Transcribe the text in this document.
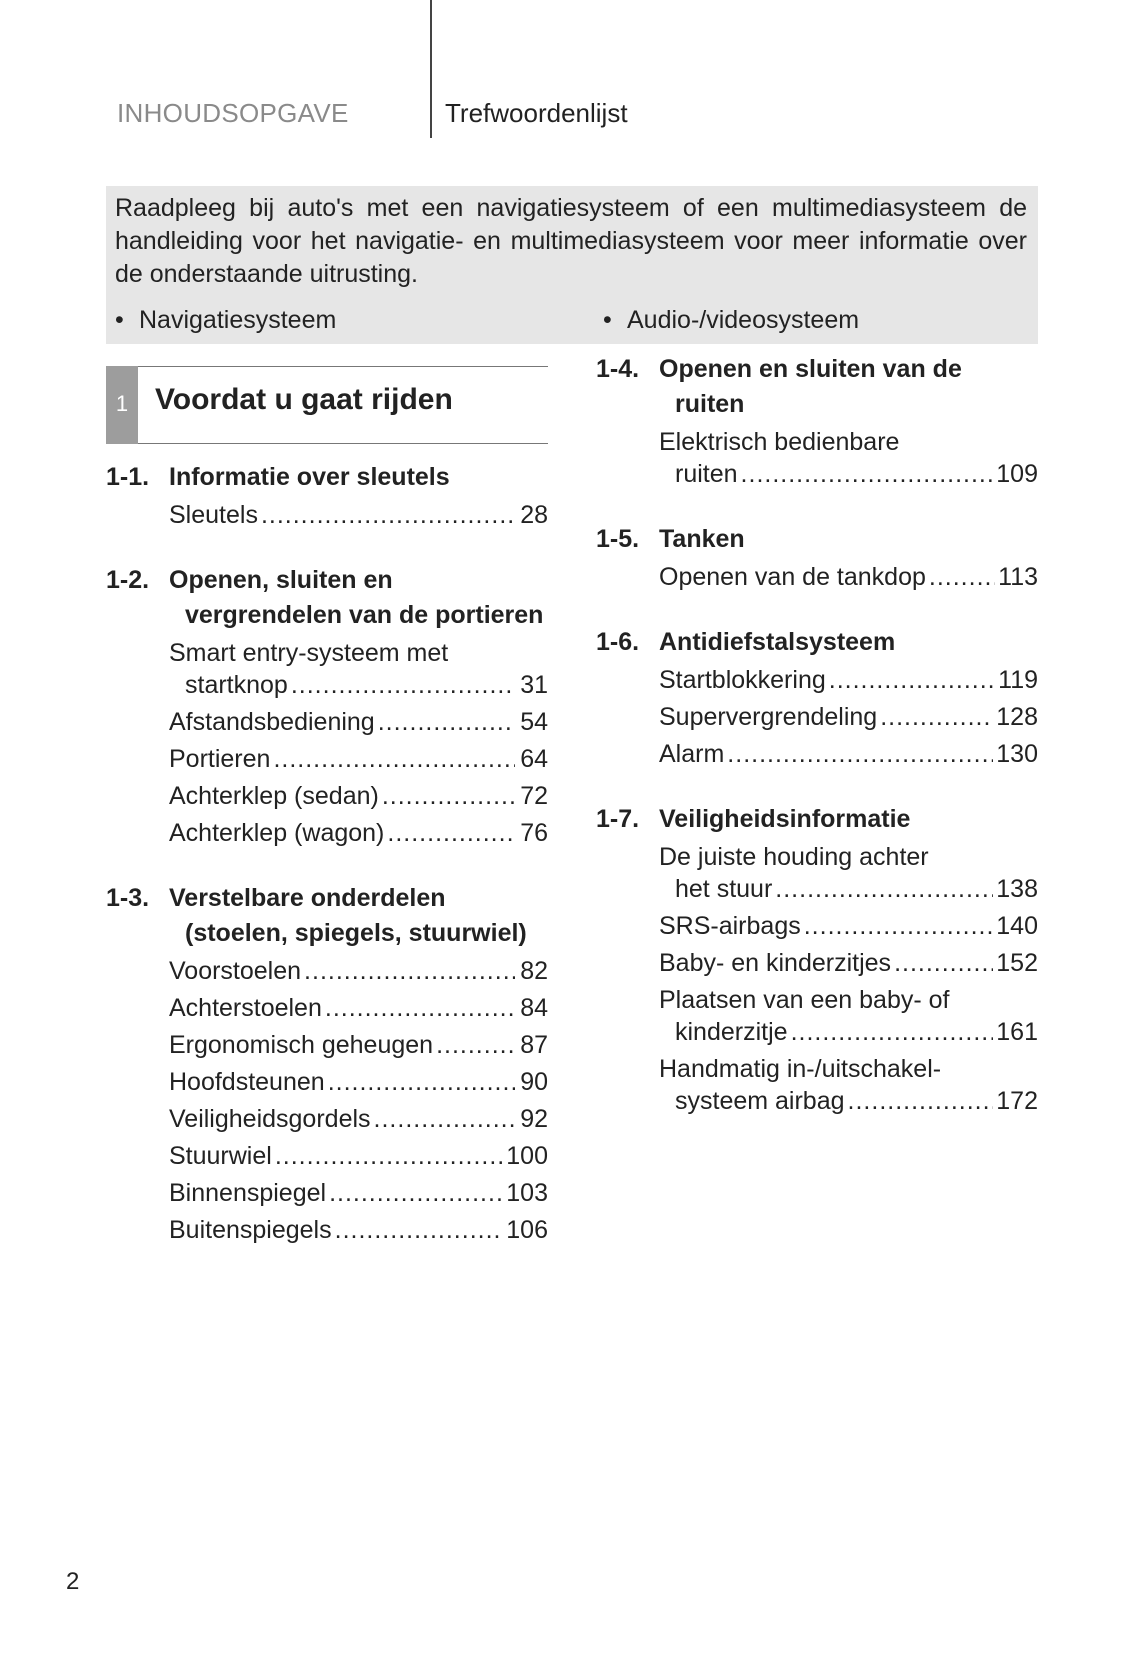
INHOUDSOPGAVE	Trefwoordenlijst
Raadpleeg bij auto's met een navigatiesysteem of een multimediasysteem de handleiding voor het navigatie- en multimediasysteem voor meer informatie over de onderstaande uitrusting.
• Navigatiesysteem	• Audio-/videosysteem
1 Voordat u gaat rijden
1-1. Informatie over sleutels
Sleutels .....	28
1-2. Openen, sluiten en vergrendelen van de portieren
Smart entry-systeem met
startknop .....	31
Afstandsbediening .....	54
Portieren .....	64
Achterklep (sedan) .....	72
Achterklep (wagon) .....	76
1-3. Verstelbare onderdelen (stoelen, spiegels, stuurwiel)
Voorstoelen .....	82
Achterstoelen .....	84
Ergonomisch geheugen .....	87
Hoofdsteunen .....	90
Veiligheidsgordels .....	92
Stuurwiel .....	100
Binnenspiegel .....	103
Buitenspiegels .....	106
1-4. Openen en sluiten van de ruiten
Elektrisch bedienbare
ruiten .....	109
1-5. Tanken
Openen van de tankdop .....	113
1-6. Antidiefstalsysteem
Startblokkering .....	119
Supervergrendeling .....	128
Alarm .....	130
1-7. Veiligheidsinformatie
De juiste houding achter
het stuur .....	138
SRS-airbags .....	140
Baby- en kinderzitjes .....	152
Plaatsen van een baby- of
kinderzitje .....	161
Handmatig in-/uitschakel-
systeem airbag .....	172
2
